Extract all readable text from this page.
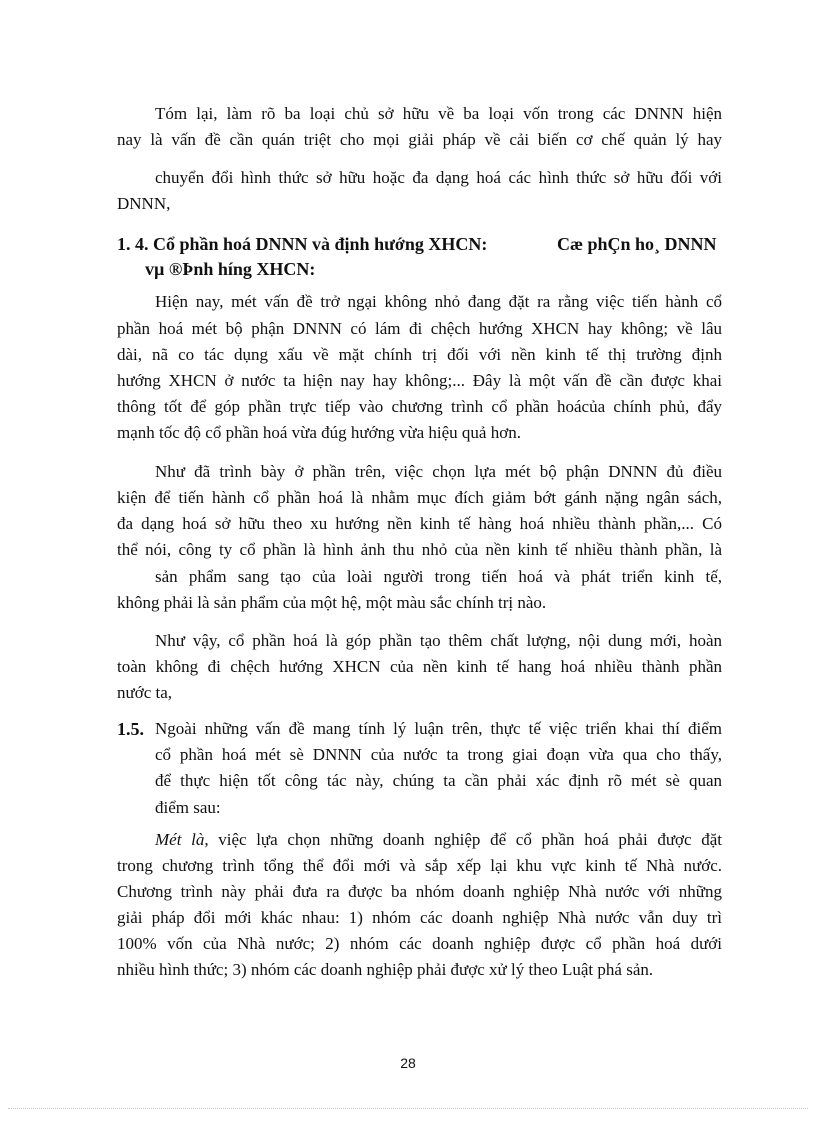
Tóm lại, làm rõ ba loại chủ sở hữu về ba loại vốn trong các DNNN hiện
nay là vấn đề cần quán triệt cho mọi giải pháp về cải biến cơ chế quản lý hay
chuyển đổi hình thức sở hữu hoặc đa dạng hoá các hình thức sở hữu đối với
DNNN,
1. 4. Cổ phần hoá DNNN và định hướng XHCN:	Cæ phÇn ho¸ DNNN
vµ ®Þnh híng XHCN:
Hiện nay, mét vấn đề trở ngại không nhỏ đang đặt ra rằng việc tiến hành cổ
phần hoá mét bộ phận DNNN có lám đi chệch hướng XHCN hay không; về lâu
dài, nã co tác dụng xấu về mặt chính trị đối với nền kinh tế thị trường định
hướng XHCN ở nước ta hiện nay hay không;... Đây là một vấn đề cần được khai
thông tốt để góp phần trực tiếp vào chương trình cổ phần hoácủa chính phủ, đẩy
mạnh tốc độ cổ phần hoá vừa đúg hướng vừa hiệu quả hơn.
Như đã trình bày ở phần trên, việc chọn lựa mét bộ phận DNNN đủ điều
kiện để tiến hành cổ phần hoá là nhằm mục đích giảm bớt gánh nặng ngân sách,
đa dạng hoá sở hữu theo xu hướng nền kinh tế hàng hoá nhiều thành phần,... Có
thể nói, công ty cổ phần là hình ảnh thu nhỏ của nền kinh tế nhiều thành phần, là
sản phẩm sang tạo của loài người trong tiến hoá và phát triển kinh tế,
không phải là sản phẩm của một hệ, một màu sắc chính trị nào.
Như vậy, cổ phần hoá là góp phần tạo thêm chất lượng, nội dung mới, hoàn
toàn không đi chệch hướng XHCN của nền kinh tế hang hoá nhiều thành phần
nước ta,
1.5. Ngoài những vấn đề mang tính lý luận trên, thực tế việc triển khai thí điểm
cổ phần hoá mét sè DNNN của nước ta trong giai đoạn vừa qua cho thấy,
để thực hiện tốt công tác này, chúng ta cần phải xác định rõ mét sè quan
điểm sau:
Mét là, việc lựa chọn những doanh nghiệp để cổ phần hoá phải được đặt
trong chương trình tổng thể đổi mới và sắp xếp lại khu vực kinh tế Nhà nước.
Chương trình này phải đưa ra được ba nhóm doanh nghiệp Nhà nước với những
giải pháp đổi mới khác nhau: 1) nhóm các doanh nghiệp Nhà nước vẫn duy trì
100% vốn của Nhà nước; 2) nhóm các doanh nghiệp được cổ phần hoá dưới
nhiều hình thức; 3) nhóm các doanh nghiệp phải được xử lý theo Luật phá sản.
28
